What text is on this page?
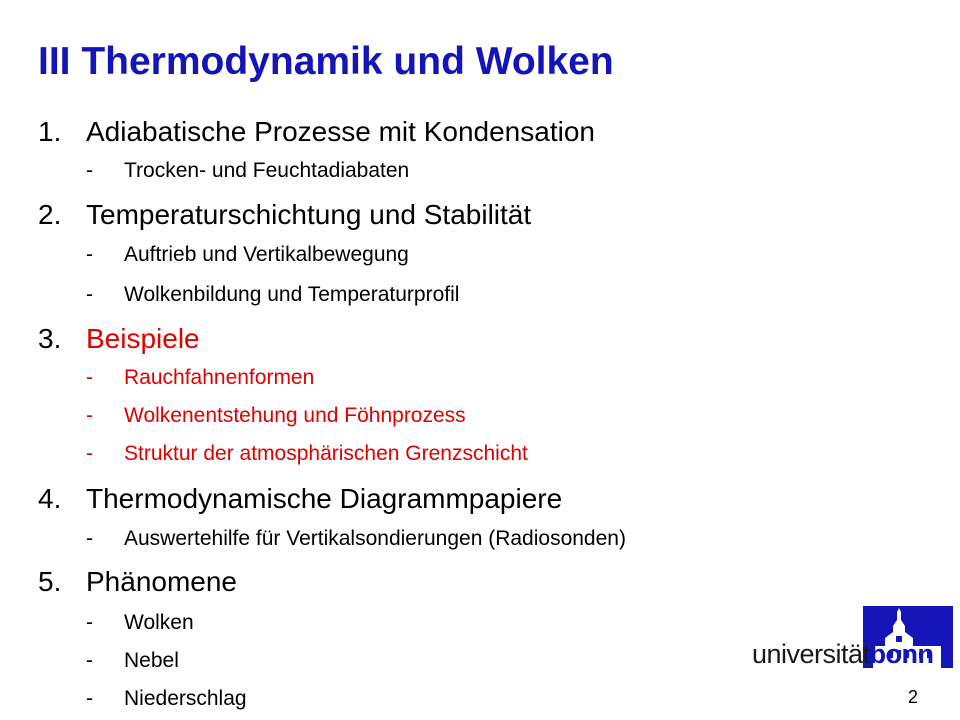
III Thermodynamik und Wolken
1. Adiabatische Prozesse mit Kondensation
- Trocken- und Feuchtadiabaten
2. Temperaturschichtung und Stabilität
- Auftrieb und Vertikalbewegung
- Wolkenbildung und Temperaturprofil
3. Beispiele
- Rauchfahnenformen
- Wolkenentstehung und Föhnprozess
- Struktur der atmosphärischen Grenzschicht
4. Thermodynamische Diagrammpapiere
- Auswertehilfe für Vertikalsondierungen (Radiosonden)
5. Phänomene
- Wolken
- Nebel
- Niederschlag
universitätbonn
2
